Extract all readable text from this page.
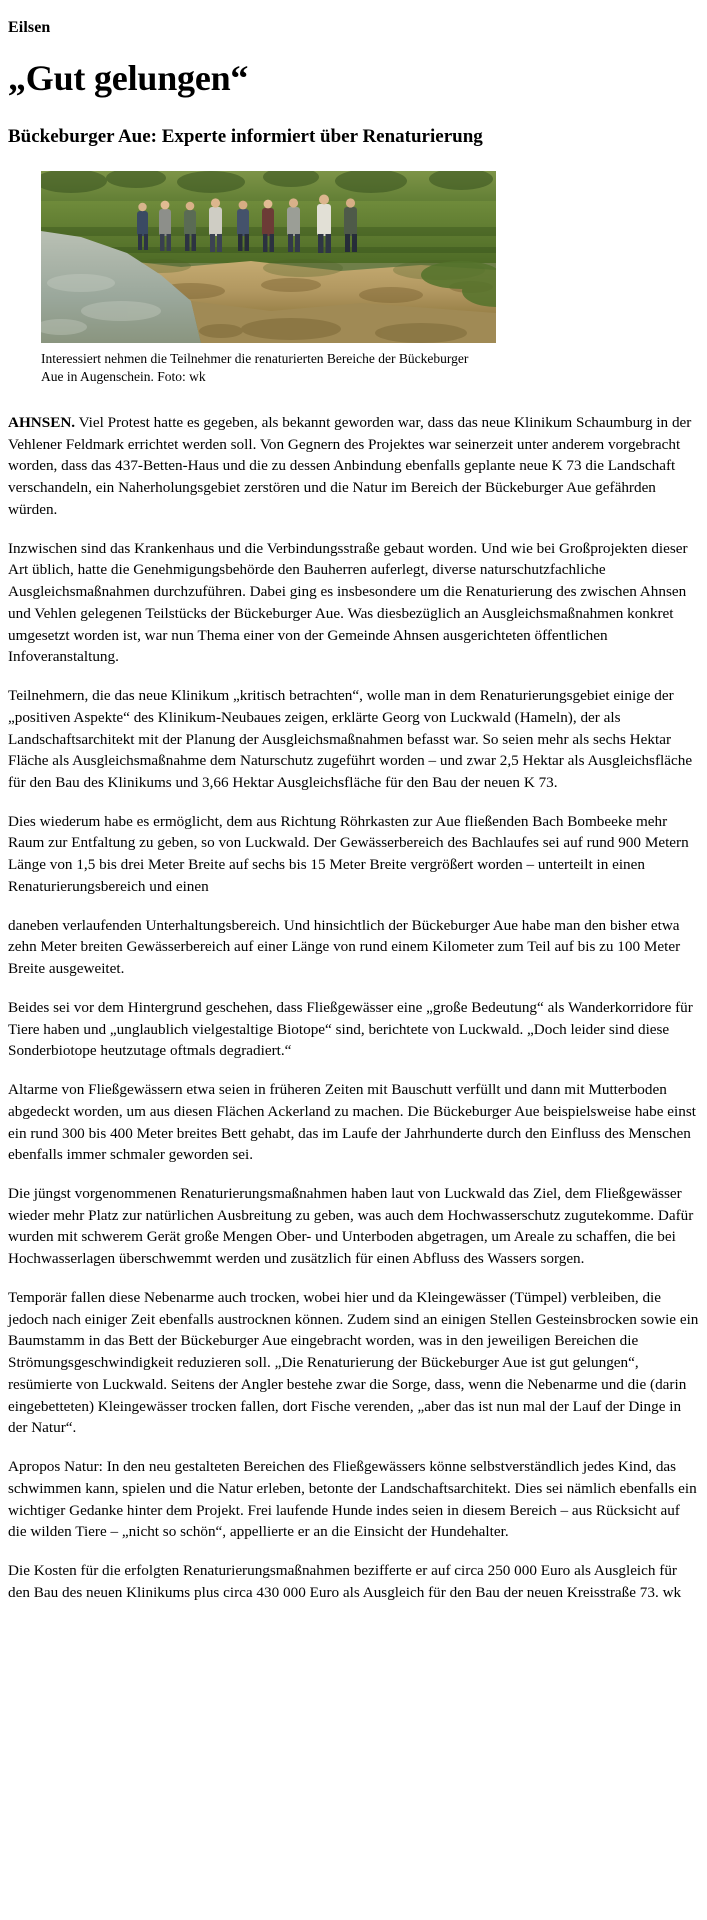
Eilsen
„Gut gelungen“
Bückeburger Aue: Experte informiert über Renaturierung
Interessiert nehmen die Teilnehmer die renaturierten Bereiche der Bückeburger Aue in Augenschein. Foto: wk

AHNSEN. Viel Protest hatte es gegeben, als bekannt geworden war, dass das neue Klinikum Schaumburg in der Vehlener Feldmark errichtet werden soll. Von Gegnern des Projektes war seinerzeit unter anderem vorgebracht worden, dass das 437-Betten-Haus und die zu dessen Anbindung ebenfalls geplante neue K 73 die Landschaft verschandeln, ein Naherholungsgebiet zerstören und die Natur im Bereich der Bückeburger Aue gefährden würden.

Inzwischen sind das Krankenhaus und die Verbindungsstraße gebaut worden. Und wie bei Großprojekten dieser Art üblich, hatte die Genehmigungsbehörde den Bauherren auferlegt, diverse naturschutzfachliche Ausgleichsmaßnahmen durchzuführen. Dabei ging es insbesondere um die Renaturierung des zwischen Ahnsen und Vehlen gelegenen Teilstücks der Bückeburger Aue. Was diesbezüglich an Ausgleichsmaßnahmen konkret umgesetzt worden ist, war nun Thema einer von der Gemeinde Ahnsen ausgerichteten öffentlichen Infoveranstaltung.

Teilnehmern, die das neue Klinikum „kritisch betrachten“, wolle man in dem Renaturierungsgebiet einige der „positiven Aspekte“ des Klinikum-Neubaues zeigen, erklärte Georg von Luckwald (Hameln), der als Landschaftsarchitekt mit der Planung der Ausgleichsmaßnahmen befasst war. So seien mehr als sechs Hektar Fläche als Ausgleichsmaßnahme dem Naturschutz zugeführt worden – und zwar 2,5 Hektar als Ausgleichsfläche für den Bau des Klinikums und 3,66 Hektar Ausgleichsfläche für den Bau der neuen K 73.

Dies wiederum habe es ermöglicht, dem aus Richtung Röhrkasten zur Aue fließenden Bach Bombeeke mehr Raum zur Entfaltung zu geben, so von Luckwald. Der Gewässerbereich des Bachlaufes sei auf rund 900 Metern Länge von 1,5 bis drei Meter Breite auf sechs bis 15 Meter Breite vergrößert worden – unterteilt in einen Renaturierungsbereich und einen

daneben verlaufenden Unterhaltungsbereich. Und hinsichtlich der Bückeburger Aue habe man den bisher etwa zehn Meter breiten Gewässerbereich auf einer Länge von rund einem Kilometer zum Teil auf bis zu 100 Meter Breite ausgeweitet.

Beides sei vor dem Hintergrund geschehen, dass Fließgewässer eine „große Bedeutung“ als Wanderkorridore für Tiere haben und „unglaublich vielgestaltige Biotope“ sind, berichtete von Luckwald. „Doch leider sind diese Sonderbiotope heutzutage oftmals degradiert.“

Altarme von Fließgewässern etwa seien in früheren Zeiten mit Bauschutt verfüllt und dann mit Mutterboden abgedeckt worden, um aus diesen Flächen Ackerland zu machen. Die Bückeburger Aue beispielsweise habe einst ein rund 300 bis 400 Meter breites Bett gehabt, das im Laufe der Jahrhunderte durch den Einfluss des Menschen ebenfalls immer schmaler geworden sei.

Die jüngst vorgenommenen Renaturierungsmaßnahmen haben laut von Luckwald das Ziel, dem Fließgewässer wieder mehr Platz zur natürlichen Ausbreitung zu geben, was auch dem Hochwasserschutz zugutekomme. Dafür wurden mit schwerem Gerät große Mengen Ober- und Unterboden abgetragen, um Areale zu schaffen, die bei Hochwasserlagen überschwemmt werden und zusätzlich für einen Abfluss des Wassers sorgen.

Temporär fallen diese Nebenarme auch trocken, wobei hier und da Kleingewässer (Tümpel) verbleiben, die jedoch nach einiger Zeit ebenfalls austrocknen können. Zudem sind an einigen Stellen Gesteinsbrocken sowie ein Baumstamm in das Bett der Bückeburger Aue eingebracht worden, was in den jeweiligen Bereichen die Strömungsgeschwindigkeit reduzieren soll. „Die Renaturierung der Bückeburger Aue ist gut gelungen“, resümierte von Luckwald. Seitens der Angler bestehe zwar die Sorge, dass, wenn die Nebenarme und die (darin eingebetteten) Kleingewässer trocken fallen, dort Fische verenden, „aber das ist nun mal der Lauf der Dinge in der Natur“.

Apropos Natur: In den neu gestalteten Bereichen des Fließgewässers könne selbstverständlich jedes Kind, das schwimmen kann, spielen und die Natur erleben, betonte der Landschaftsarchitekt. Dies sei nämlich ebenfalls ein wichtiger Gedanke hinter dem Projekt. Frei laufende Hunde indes seien in diesem Bereich – aus Rücksicht auf die wilden Tiere – „nicht so schön“, appellierte er an die Einsicht der Hundehalter.

Die Kosten für die erfolgten Renaturierungsmaßnahmen bezifferte er auf circa 250 000 Euro als Ausgleich für den Bau des neuen Klinikums plus circa 430 000 Euro als Ausgleich für den Bau der neuen Kreisstraße 73. wk
